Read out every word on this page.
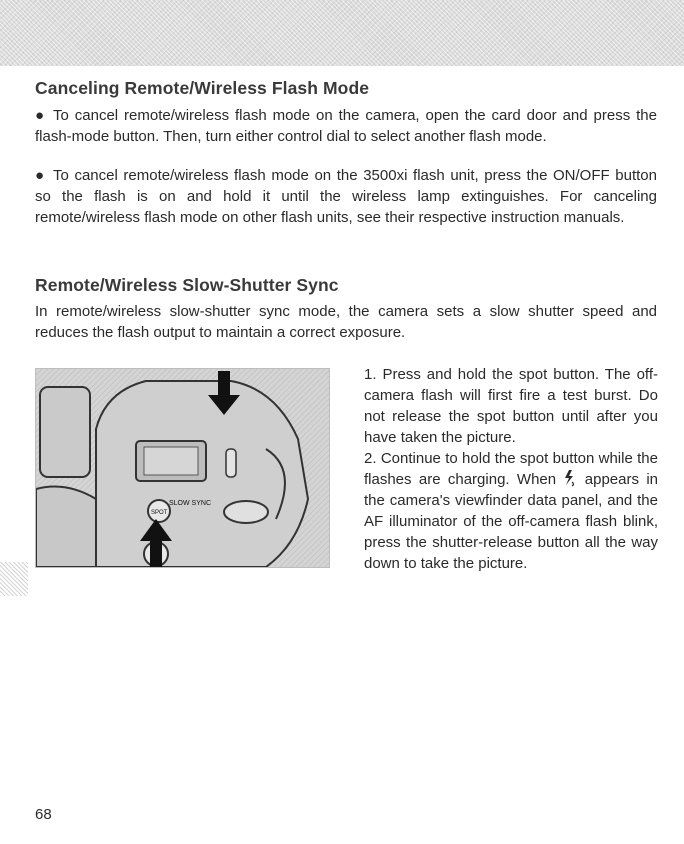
Canceling Remote/Wireless Flash Mode

● To cancel remote/wireless flash mode on the camera, open the card door and press the flash-mode button. Then, turn either control dial to select another flash mode.

● To cancel remote/wireless flash mode on the 3500xi flash unit, press the ON/OFF button so the flash is on and hold it until the wireless lamp extinguishes. For canceling remote/wireless flash mode on other flash units, see their respective instruction manuals.

Remote/Wireless Slow-Shutter Sync

In remote/wireless slow-shutter sync mode, the camera sets a slow shutter speed and reduces the flash output to maintain a correct exposure.

SLOW SYNC
SPOT
A

1. Press and hold the spot button. The off-camera flash will first fire a test burst. Do not release the spot button until after you have taken the picture.

2. Continue to hold the spot button while the flashes are charging. When appears in the camera's viewfinder data panel, and the AF illuminator of the off-camera flash blink, press the shutter-release button all the way down to take the picture.

68
